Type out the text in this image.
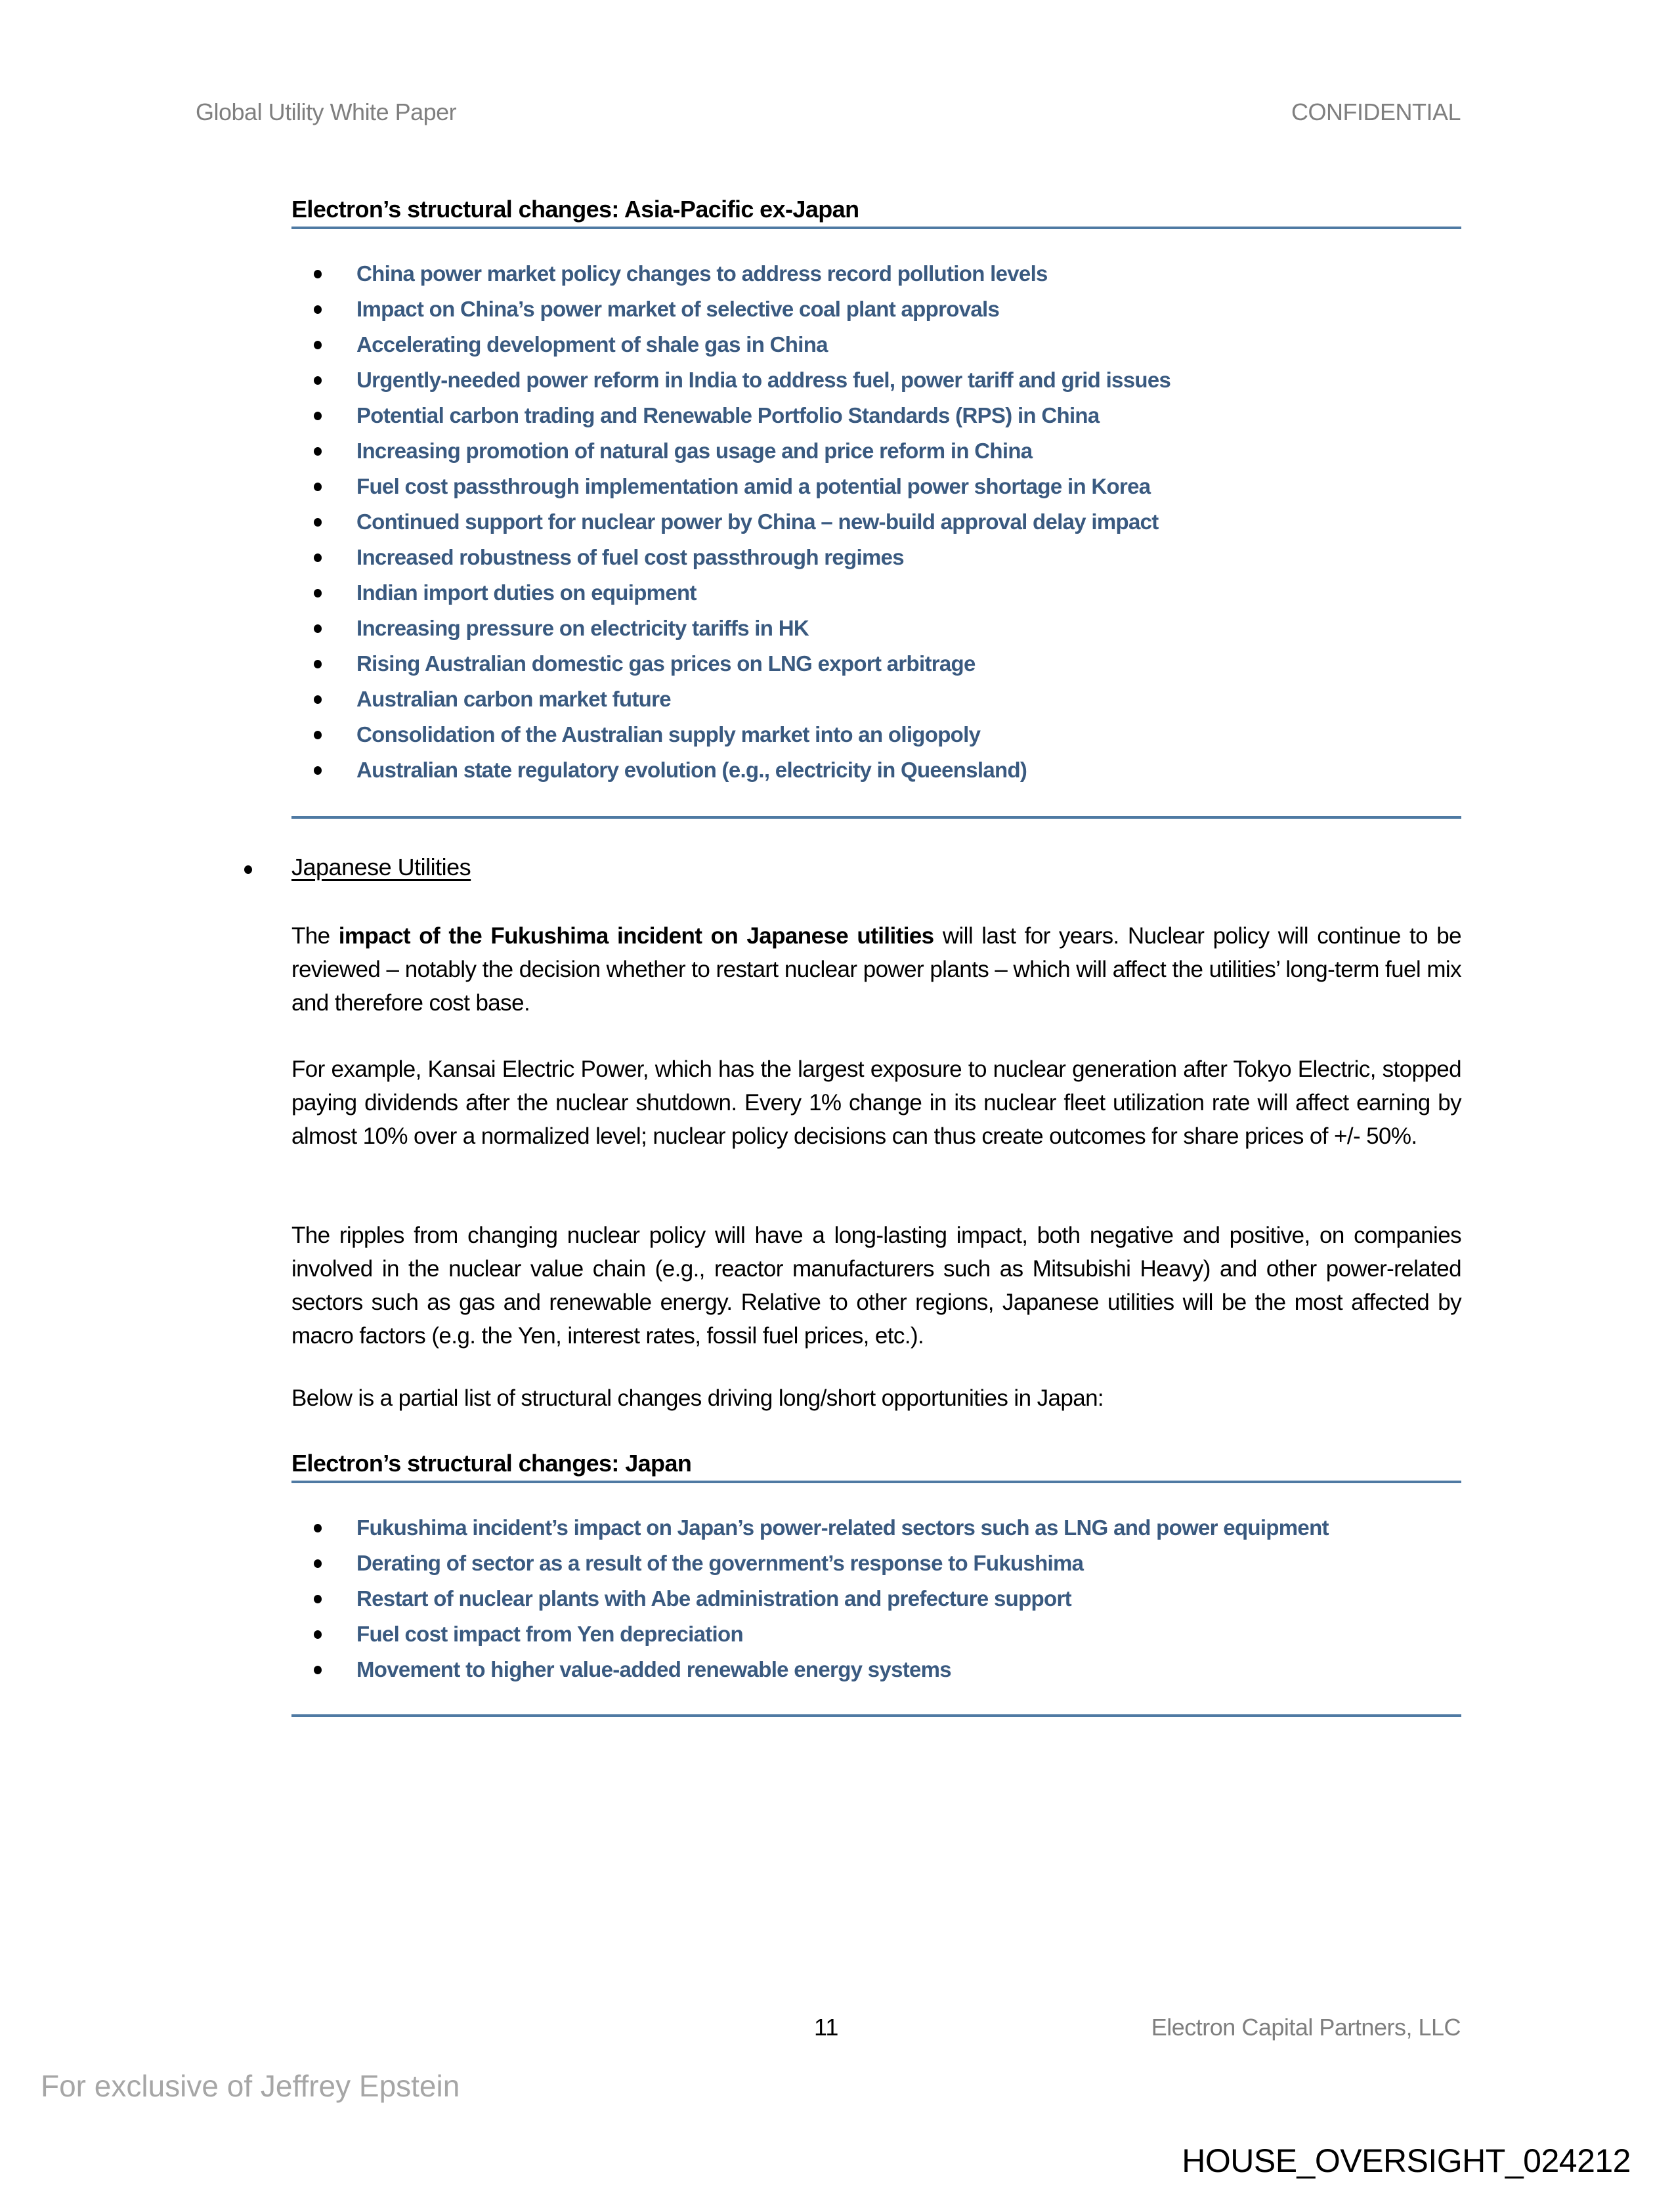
Global Utility White Paper	CONFIDENTIAL
Electron’s structural changes: Asia-Pacific ex-Japan
China power market policy changes to address record pollution levels
Impact on China’s power market of selective coal plant approvals
Accelerating development of shale gas in China
Urgently-needed power reform in India to address fuel, power tariff and grid issues
Potential carbon trading and Renewable Portfolio Standards (RPS) in China
Increasing promotion of natural gas usage and price reform in China
Fuel cost passthrough implementation amid a potential power shortage in Korea
Continued support for nuclear power by China – new-build approval delay impact
Increased robustness of fuel cost passthrough regimes
Indian import duties on equipment
Increasing pressure on electricity tariffs in HK
Rising Australian domestic gas prices on LNG export arbitrage
Australian carbon market future
Consolidation of the Australian supply market into an oligopoly
Australian state regulatory evolution (e.g., electricity in Queensland)
Japanese Utilities

The impact of the Fukushima incident on Japanese utilities will last for years. Nuclear policy will continue to be reviewed – notably the decision whether to restart nuclear power plants – which will affect the utilities’ long-term fuel mix and therefore cost base.

For example, Kansai Electric Power, which has the largest exposure to nuclear generation after Tokyo Electric, stopped paying dividends after the nuclear shutdown. Every 1% change in its nuclear fleet utilization rate will affect earning by almost 10% over a normalized level; nuclear policy decisions can thus create outcomes for share prices of +/- 50%.

The ripples from changing nuclear policy will have a long-lasting impact, both negative and positive, on companies involved in the nuclear value chain (e.g., reactor manufacturers such as Mitsubishi Heavy) and other power-related sectors such as gas and renewable energy. Relative to other regions, Japanese utilities will be the most affected by macro factors (e.g. the Yen, interest rates, fossil fuel prices, etc.).

Below is a partial list of structural changes driving long/short opportunities in Japan:

Electron’s structural changes: Japan
Fukushima incident’s impact on Japan’s power-related sectors such as LNG and power equipment
Derating of sector as a result of the government’s response to Fukushima
Restart of nuclear plants with Abe administration and prefecture support
Fuel cost impact from Yen depreciation
Movement to higher value-added renewable energy systems
11	Electron Capital Partners, LLC
For exclusive of Jeffrey Epstein
HOUSE_OVERSIGHT_024212
